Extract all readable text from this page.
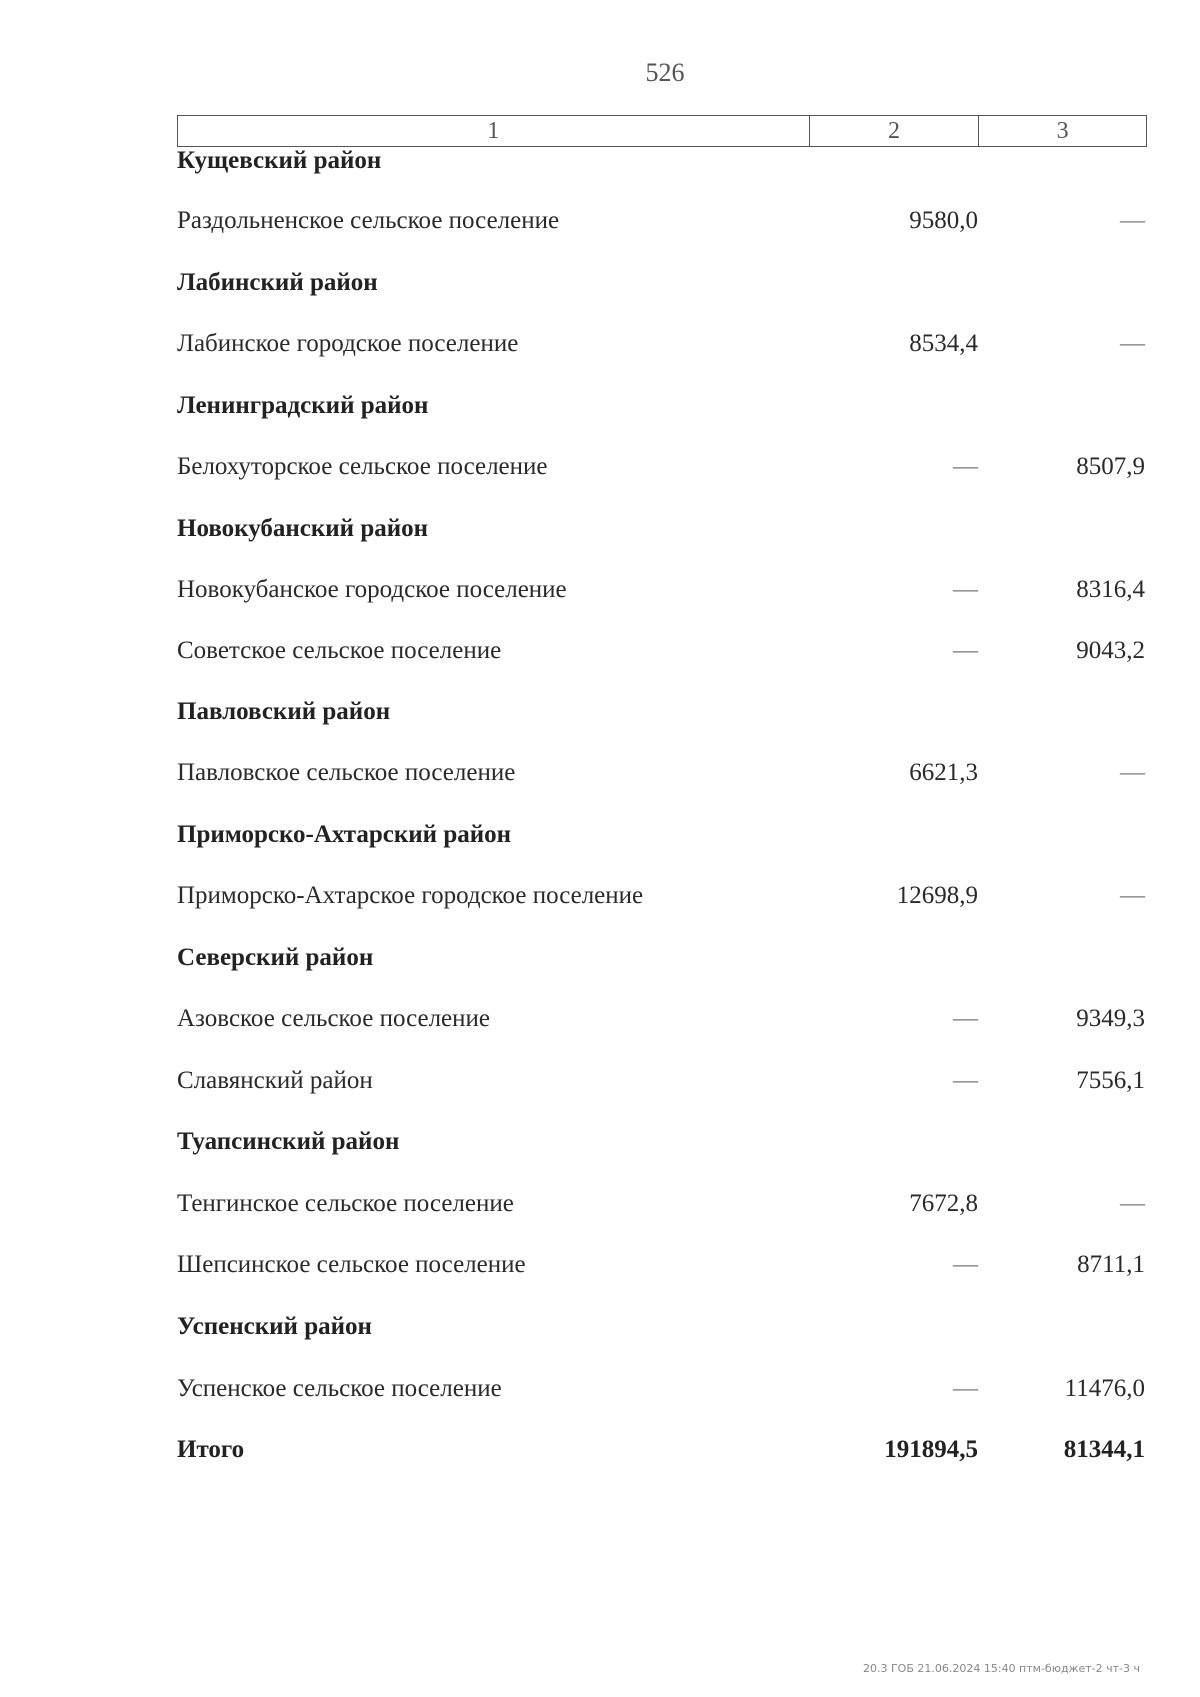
526
1	2	3
Кущевский район
Раздольненское сельское поселение	9580,0	—
Лабинский район
Лабинское городское поселение	8534,4	—
Ленинградский район
Белохуторское сельское поселение	—	8507,9
Новокубанский район
Новокубанское городское поселение	—	8316,4
Советское сельское поселение	—	9043,2
Павловский район
Павловское сельское поселение	6621,3	—
Приморско-Ахтарский район
Приморско-Ахтарское городское поселение	12698,9	—
Северский район
Азовское сельское поселение	—	9349,3
Славянский район	—	7556,1
Туапсинский район
Тенгинское сельское поселение	7672,8	—
Шепсинское сельское поселение	—	8711,1
Успенский район
Успенское сельское поселение	—	11476,0
Итого	191894,5	81344,1
20.3 ГОБ 21.06.2024 15:40 птм-бюджет-2 чт-3 ч
